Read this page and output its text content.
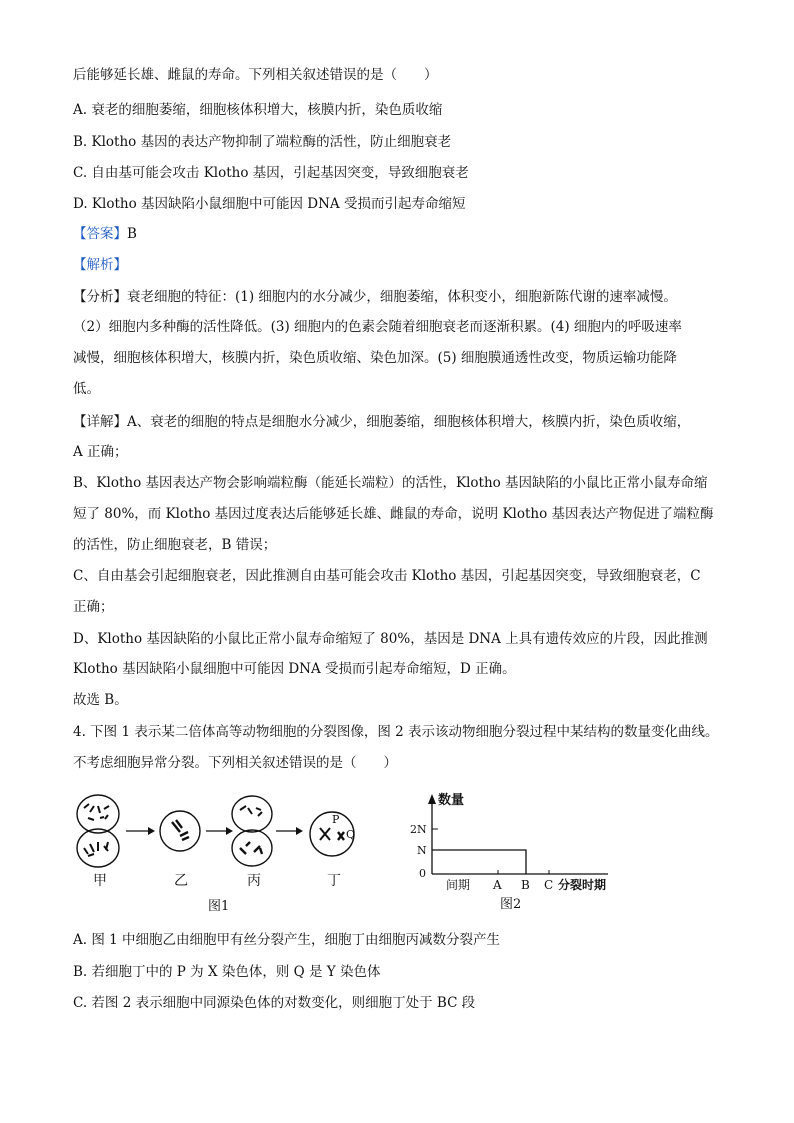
后能够延长雄、雌鼠的寿命。下列相关叙述错误的是（　　）
A. 衰老的细胞萎缩，细胞核体积增大，核膜内折，染色质收缩
B. Klotho 基因的表达产物抑制了端粒酶的活性，防止细胞衰老
C. 自由基可能会攻击 Klotho 基因，引起基因突变，导致细胞衰老
D. Klotho 基因缺陷小鼠细胞中可能因 DNA 受损而引起寿命缩短
【答案】B
【解析】
【分析】衰老细胞的特征：(1) 细胞内的水分减少，细胞萎缩，体积变小，细胞新陈代谢的速率减慢。
（2）细胞内多种酶的活性降低。(3) 细胞内的色素会随着细胞衰老而逐渐积累。(4) 细胞内的呼吸速率
减慢，细胞核体积增大，核膜内折，染色质收缩、染色加深。(5) 细胞膜通透性改变，物质运输功能降
低。
【详解】A、衰老的细胞的特点是细胞水分减少，细胞萎缩，细胞核体积增大，核膜内折，染色质收缩，
A 正确；
B、Klotho 基因表达产物会影响端粒酶（能延长端粒）的活性，Klotho 基因缺陷的小鼠比正常小鼠寿命缩
短了 80%，而 Klotho 基因过度表达后能够延长雄、雌鼠的寿命，说明 Klotho 基因表达产物促进了端粒酶
的活性，防止细胞衰老，B 错误；
C、自由基会引起细胞衰老，因此推测自由基可能会攻击 Klotho 基因，引起基因突变，导致细胞衰老，C
正确；
D、Klotho 基因缺陷的小鼠比正常小鼠寿命缩短了 80%，基因是 DNA 上具有遗传效应的片段，因此推测
Klotho 基因缺陷小鼠细胞中可能因 DNA 受损而引起寿命缩短，D 正确。
故选 B。
4. 下图 1 表示某二倍体高等动物细胞的分裂图像，图 2 表示该动物细胞分裂过程中某结构的数量变化曲线。
不考虑细胞异常分裂。下列相关叙述错误的是（　　）
P
Q
甲	乙	丙	丁
图1
数量
2N
N
0
间期 A B C 分裂时期
图2
A. 图 1 中细胞乙由细胞甲有丝分裂产生，细胞丁由细胞丙减数分裂产生
B. 若细胞丁中的 P 为 X 染色体，则 Q 是 Y 染色体
C. 若图 2 表示细胞中同源染色体的对数变化，则细胞丁处于 BC 段
